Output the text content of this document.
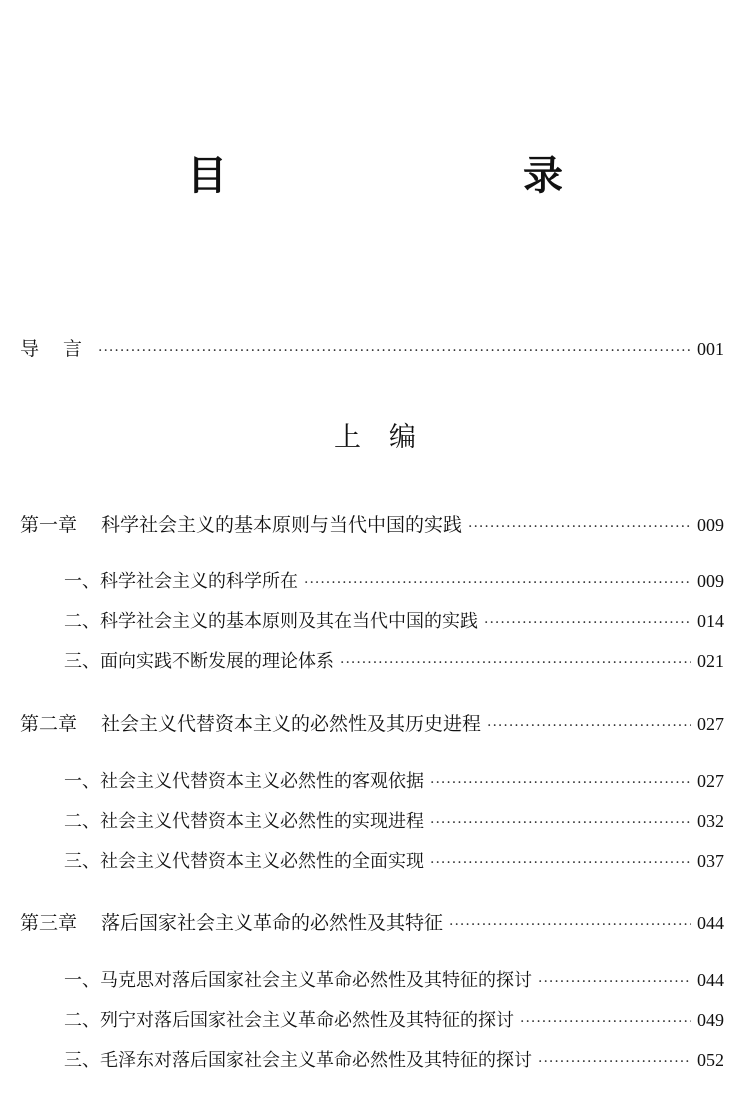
目　　录
导言 ·····	001
上编
第一章 科学社会主义的基本原则与当代中国的实践 ·····	009
一、科学社会主义的科学所在 ·····	009
二、科学社会主义的基本原则及其在当代中国的实践 ·····	014
三、面向实践不断发展的理论体系 ·····	021
第二章 社会主义代替资本主义的必然性及其历史进程 ·····	027
一、社会主义代替资本主义必然性的客观依据 ·····	027
二、社会主义代替资本主义必然性的实现进程 ·····	032
三、社会主义代替资本主义必然性的全面实现 ·····	037
第三章 落后国家社会主义革命的必然性及其特征 ·····	044
一、马克思对落后国家社会主义革命必然性及其特征的探讨 ·····	044
二、列宁对落后国家社会主义革命必然性及其特征的探讨 ·····	049
三、毛泽东对落后国家社会主义革命必然性及其特征的探讨 ·····	052
